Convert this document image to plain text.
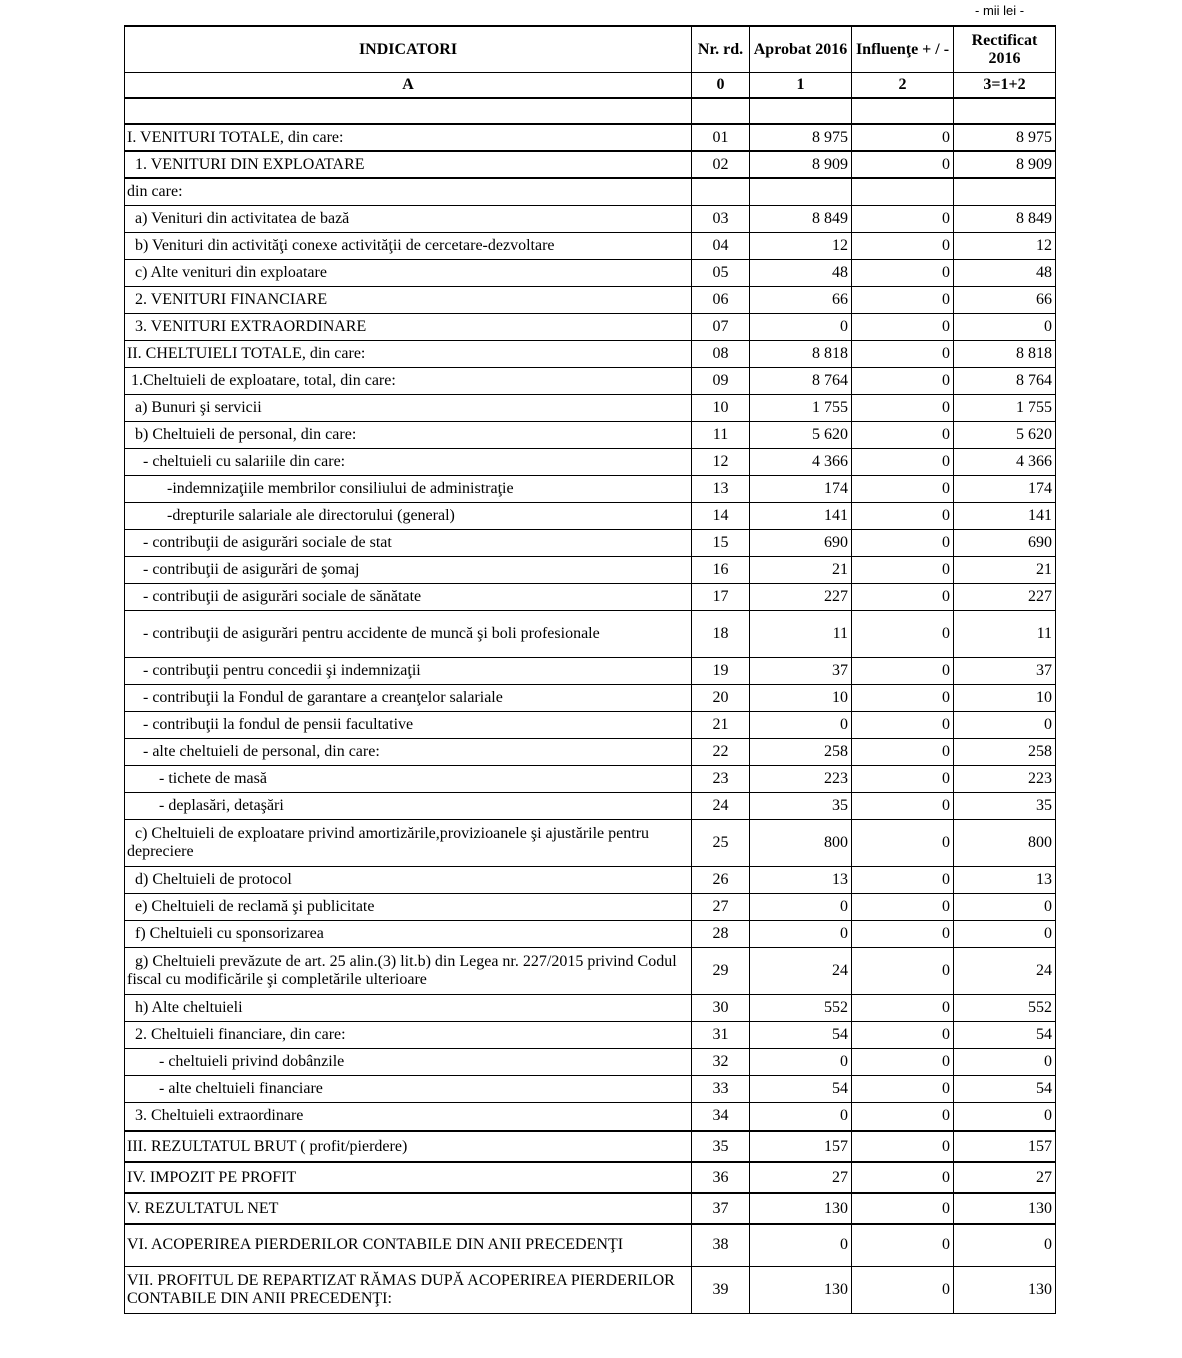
- mii lei -
INDICATORI	Nr. rd.	Aprobat 2016	Influenţe + / -	Rectificat 2016
A	0	1	2	3=1+2

I. VENITURI TOTALE, din care:	01	8 975	0	8 975
1. VENITURI DIN EXPLOATARE	02	8 909	0	8 909
din care:				
a) Venituri din activitatea de bază	03	8 849	0	8 849
b) Venituri din activităţi conexe activităţii de cercetare-dezvoltare	04	12	0	12
c) Alte venituri din exploatare	05	48	0	48
2. VENITURI FINANCIARE	06	66	0	66
3. VENITURI EXTRAORDINARE	07	0	0	0
II. CHELTUIELI TOTALE, din care:	08	8 818	0	8 818
1.Cheltuieli de exploatare, total, din care:	09	8 764	0	8 764
a) Bunuri şi servicii	10	1 755	0	1 755
b) Cheltuieli de personal, din care:	11	5 620	0	5 620
- cheltuieli cu salariile din care:	12	4 366	0	4 366
-indemnizaţiile membrilor consiliului de administraţie	13	174	0	174
-drepturile salariale ale directorului (general)	14	141	0	141
- contribuţii de asigurări sociale de stat	15	690	0	690
- contribuţii de asigurări de şomaj	16	21	0	21
- contribuţii de asigurări sociale de sănătate	17	227	0	227
- contribuţii de asigurări pentru accidente de muncă şi boli profesionale	18	11	0	11
- contribuţii pentru concedii şi indemnizaţii	19	37	0	37
- contribuţii la Fondul de garantare a creanţelor salariale	20	10	0	10
- contribuţii la fondul de pensii facultative	21	0	0	0
- alte cheltuieli de personal, din care:	22	258	0	258
- tichete de masă	23	223	0	223
- deplasări, detaşări	24	35	0	35
c) Cheltuieli de exploatare privind amortizările,provizioanele şi ajustările pentru depreciere	25	800	0	800
d) Cheltuieli de protocol	26	13	0	13
e) Cheltuieli de reclamă şi publicitate	27	0	0	0
f) Cheltuieli cu sponsorizarea	28	0	0	0
g) Cheltuieli prevăzute de art. 25 alin.(3) lit.b) din Legea nr. 227/2015 privind Codul fiscal cu modificările şi completările ulterioare	29	24	0	24
h) Alte cheltuieli	30	552	0	552
2. Cheltuieli financiare, din care:	31	54	0	54
- cheltuieli privind dobânzile	32	0	0	0
- alte cheltuieli financiare	33	54	0	54
3. Cheltuieli extraordinare	34	0	0	0
III. REZULTATUL BRUT ( profit/pierdere)	35	157	0	157
IV. IMPOZIT PE PROFIT	36	27	0	27
V. REZULTATUL NET	37	130	0	130
VI. ACOPERIREA PIERDERILOR CONTABILE DIN ANII PRECEDENŢI	38	0	0	0
VII. PROFITUL DE REPARTIZAT RĂMAS DUPĂ ACOPERIREA PIERDERILOR CONTABILE DIN ANII PRECEDENŢI:	39	130	0	130
